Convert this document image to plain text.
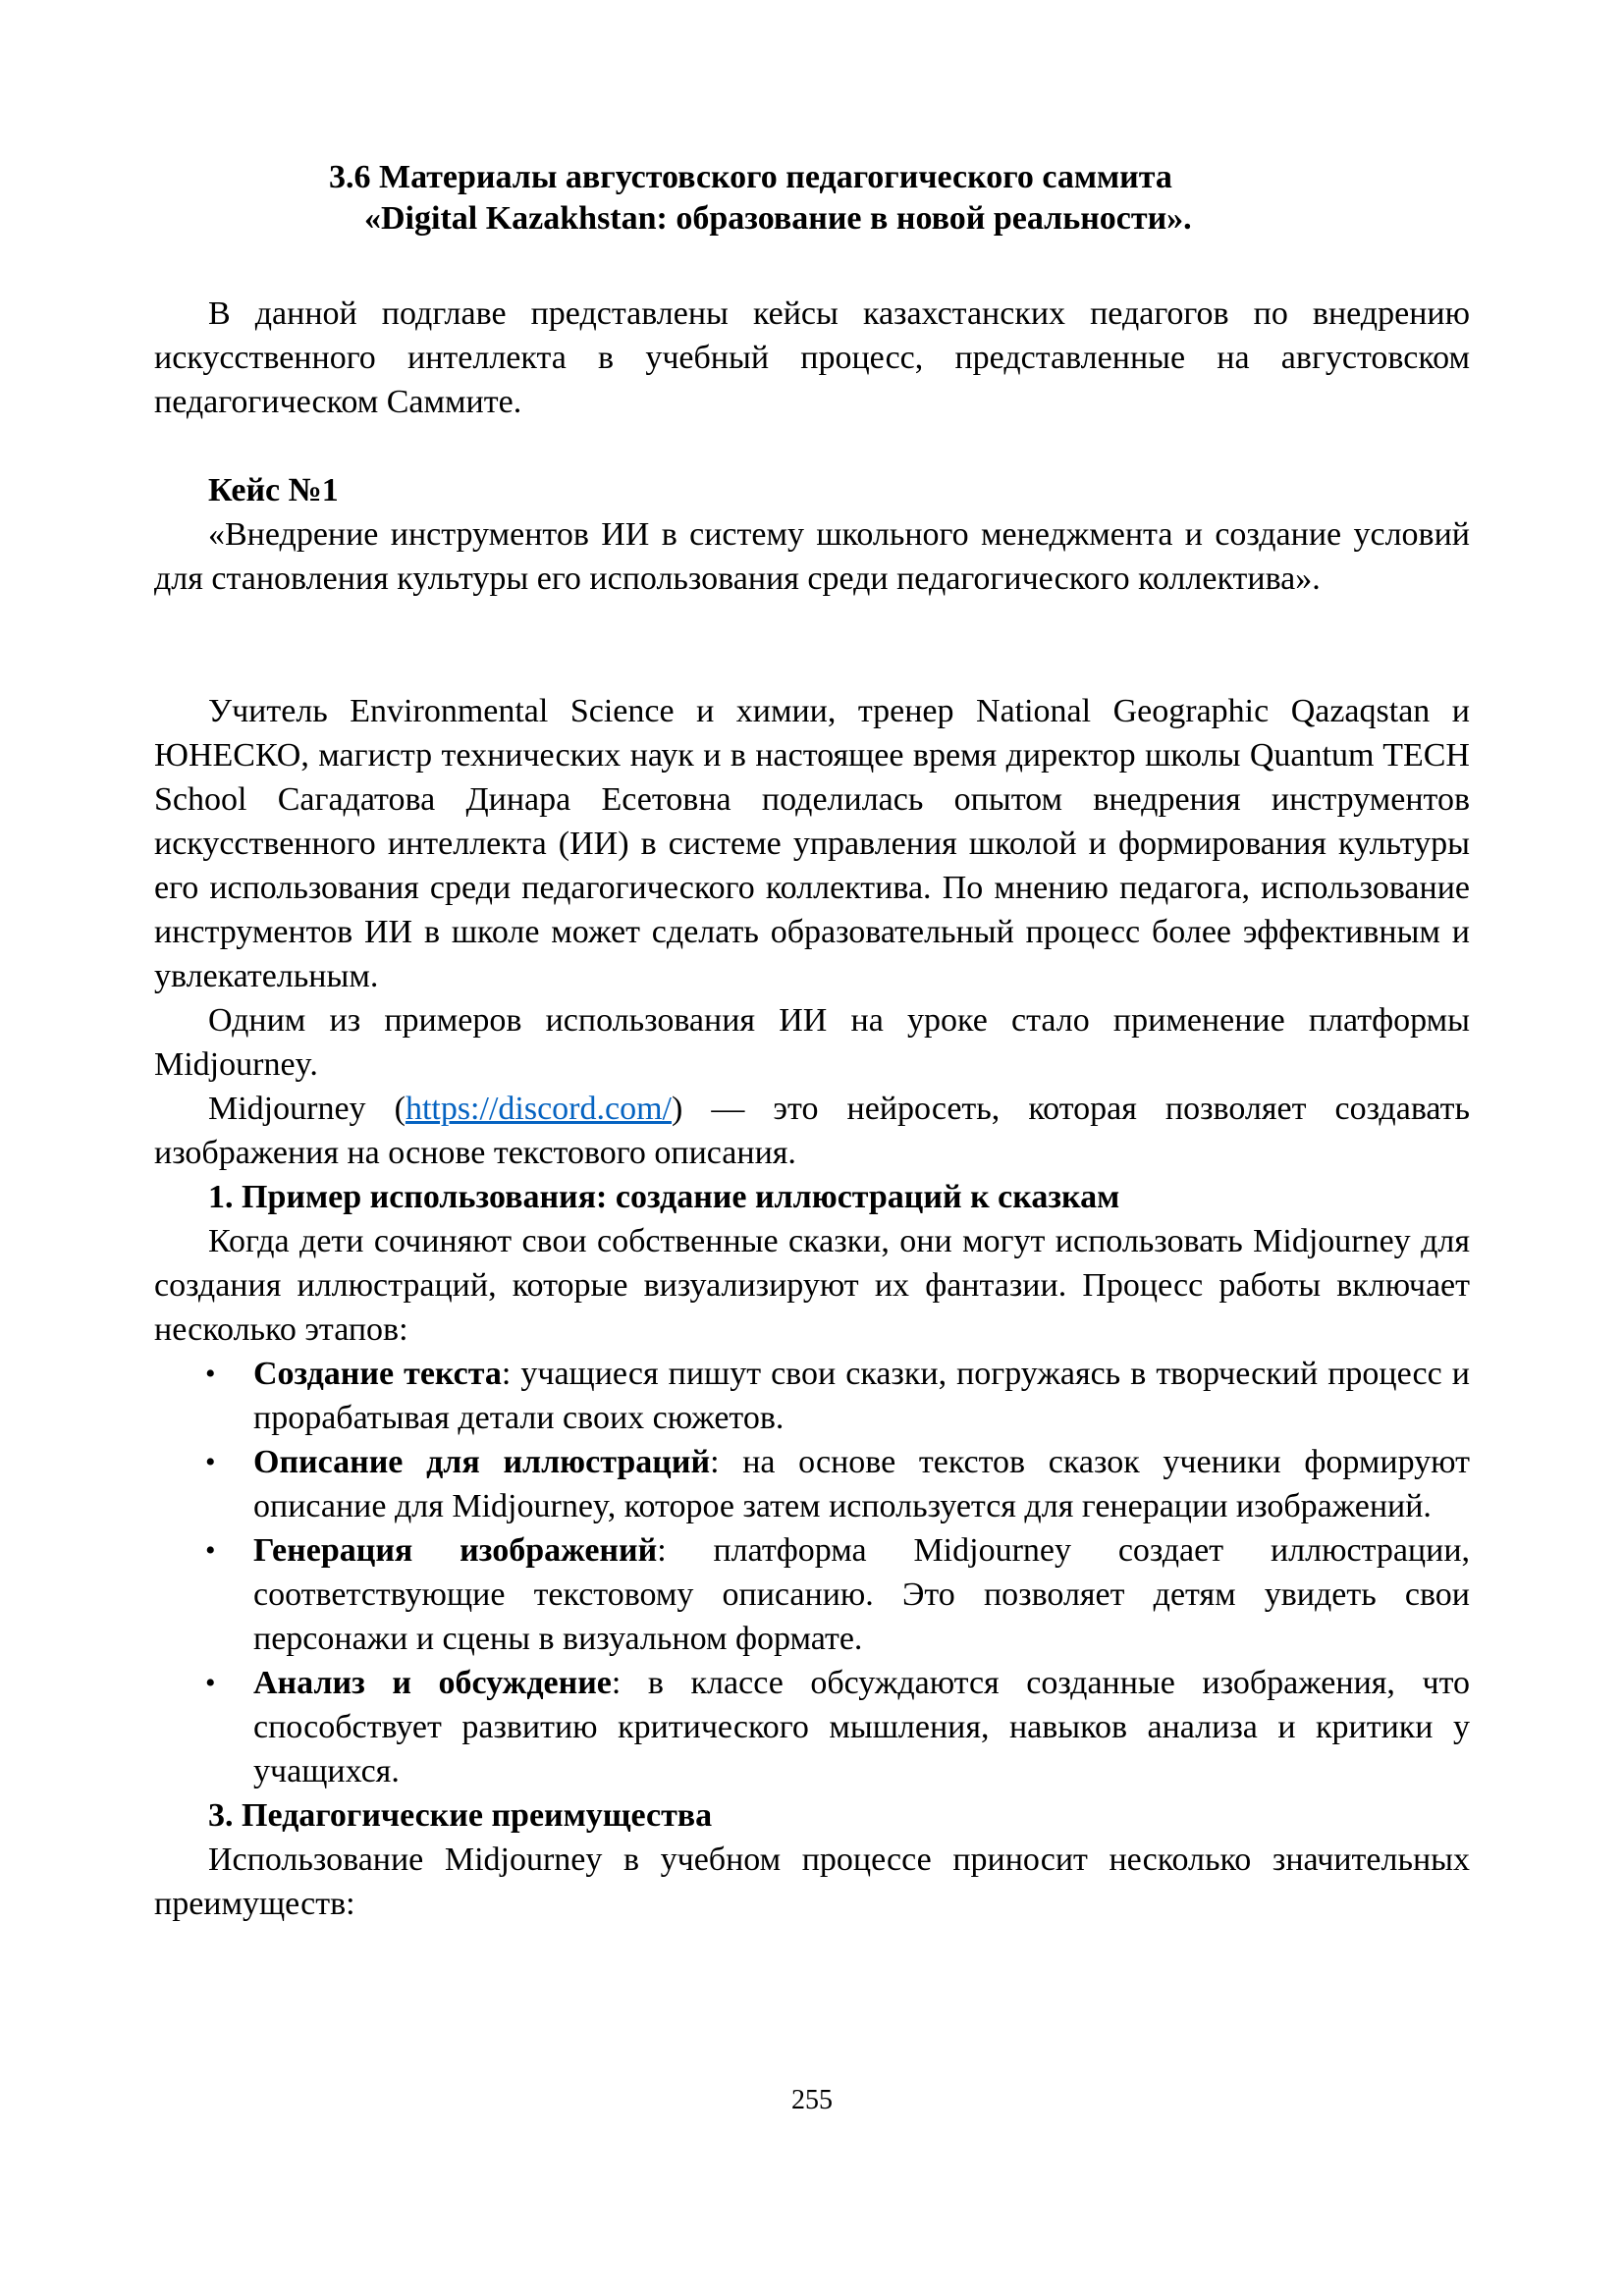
3.6 Материалы августовского педагогического саммита
«Digital Kazakhstan: образование в новой реальности».

В данной подглаве представлены кейсы казахстанских педагогов по внедрению искусственного интеллекта в учебный процесс, представленные на августовском педагогическом Саммите.

Кейс №1

«Внедрение инструментов ИИ в систему школьного менеджмента и создание условий для становления культуры его использования среди педагогического коллектива».

Учитель Environmental Science и химии, тренер National Geographic Qazaqstan и ЮНЕСКО, магистр технических наук и в настоящее время директор школы Quantum TECH School Сагадатова Динара Есетовна поделилась опытом внедрения инструментов искусственного интеллекта (ИИ) в системе управления школой и формирования культуры его использования среди педагогического коллектива. По мнению педагога, использование инструментов ИИ в школе может сделать образовательный процесс более эффективным и увлекательным.

Одним из примеров использования ИИ на уроке стало применение платформы Midjourney.

Midjourney (https://discord.com/) — это нейросеть, которая позволяет создавать изображения на основе текстового описания.

1. Пример использования: создание иллюстраций к сказкам

Когда дети сочиняют свои собственные сказки, они могут использовать Midjourney для создания иллюстраций, которые визуализируют их фантазии. Процесс работы включает несколько этапов:

• Создание текста: учащиеся пишут свои сказки, погружаясь в творческий процесс и прорабатывая детали своих сюжетов.
• Описание для иллюстраций: на основе текстов сказок ученики формируют описание для Midjourney, которое затем используется для генерации изображений.
• Генерация изображений: платформа Midjourney создает иллюстрации, соответствующие текстовому описанию. Это позволяет детям увидеть свои персонажи и сцены в визуальном формате.
• Анализ и обсуждение: в классе обсуждаются созданные изображения, что способствует развитию критического мышления, навыков анализа и критики у учащихся.

3. Педагогические преимущества

Использование Midjourney в учебном процессе приносит несколько значительных преимуществ:

255
